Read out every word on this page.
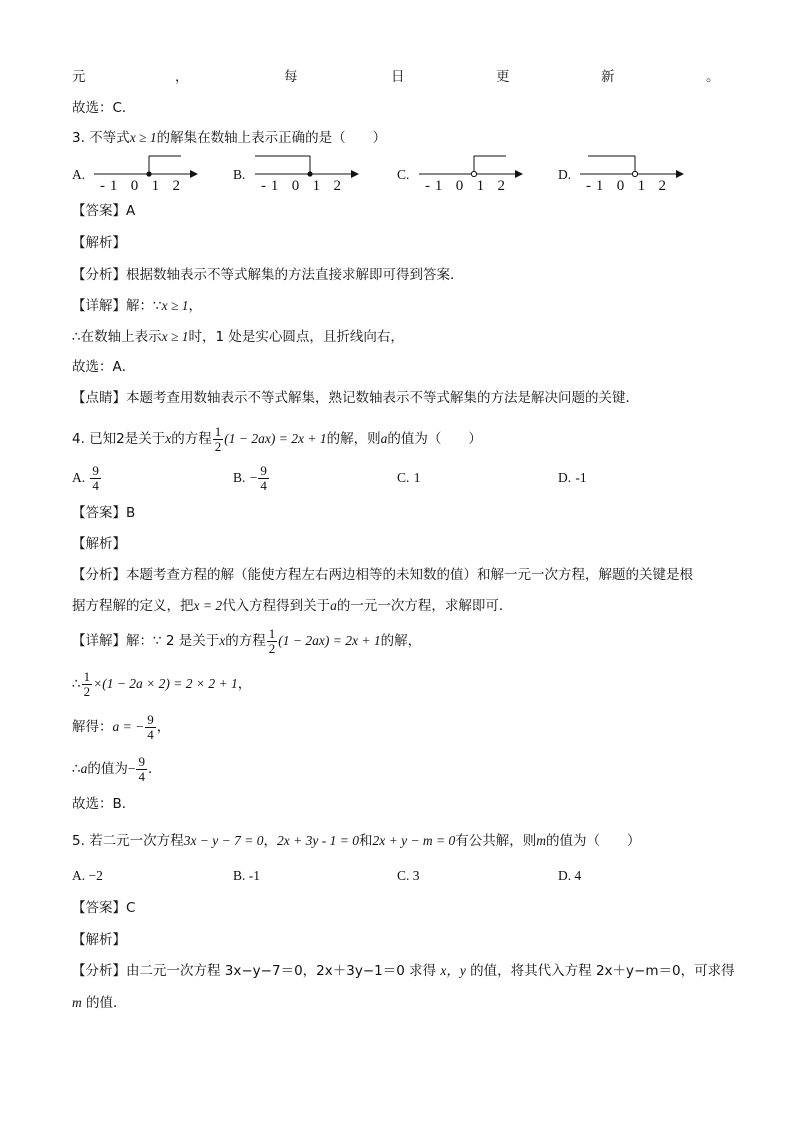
元	，	每	日	更	新	。
故选：C．
3. 不等式x ≥ 1的解集在数轴上表示正确的是（　　）
A.
-1 0 1 2
B.
-1 0 1 2
C.
-1 0 1 2
D.
-1 0 1 2
【答案】A
【解析】
【分析】根据数轴表示不等式解集的方法直接求解即可得到答案．
【详解】解：∵x ≥ 1，
∴在数轴上表示x ≥ 1时，1 处是实心圆点，且折线向右，
故选：A．
【点睛】本题考查用数轴表示不等式解集，熟记数轴表示不等式解集的方法是解决问题的关键．
4. 已知2是关于x的方程 $\frac{1}{2} (1 - 2ax) = 2x + 1$的解，则a的值为（　　）
A. $\frac{9}{4}$	B. − $\frac{9}{4}$	C. 1	D. -1
【答案】B
【解析】
【分析】本题考查方程的解（能使方程左右两边相等的未知数的值）和解一元一次方程，解题的关键是根
据方程解的定义，把x = 2代入方程得到关于a的一元一次方程，求解即可．
【详解】解：∵ 2 是关于x的方程 $\frac{1}{2} (1 - 2ax) = 2x + 1$的解，
∴ $\frac{1}{2} \times(1 - 2a \times 2) = 2 \times 2 + 1$，
解得：a = − $\frac{9}{4}$ ，
∴a的值为− $\frac{9}{4}$ ．
故选：B．
5. 若二元一次方程3x − y − 7 = 0，2x + 3y - 1 = 0和2x + y − m = 0有公共解，则m的值为（　　）
A. −2	B. -1	C. 3	D. 4
【答案】C
【解析】
【分析】由二元一次方程 3x−y−7＝0，2x＋3y−1＝0 求得 x，y 的值，将其代入方程 2x＋y−m＝0，可求得
m 的值．
